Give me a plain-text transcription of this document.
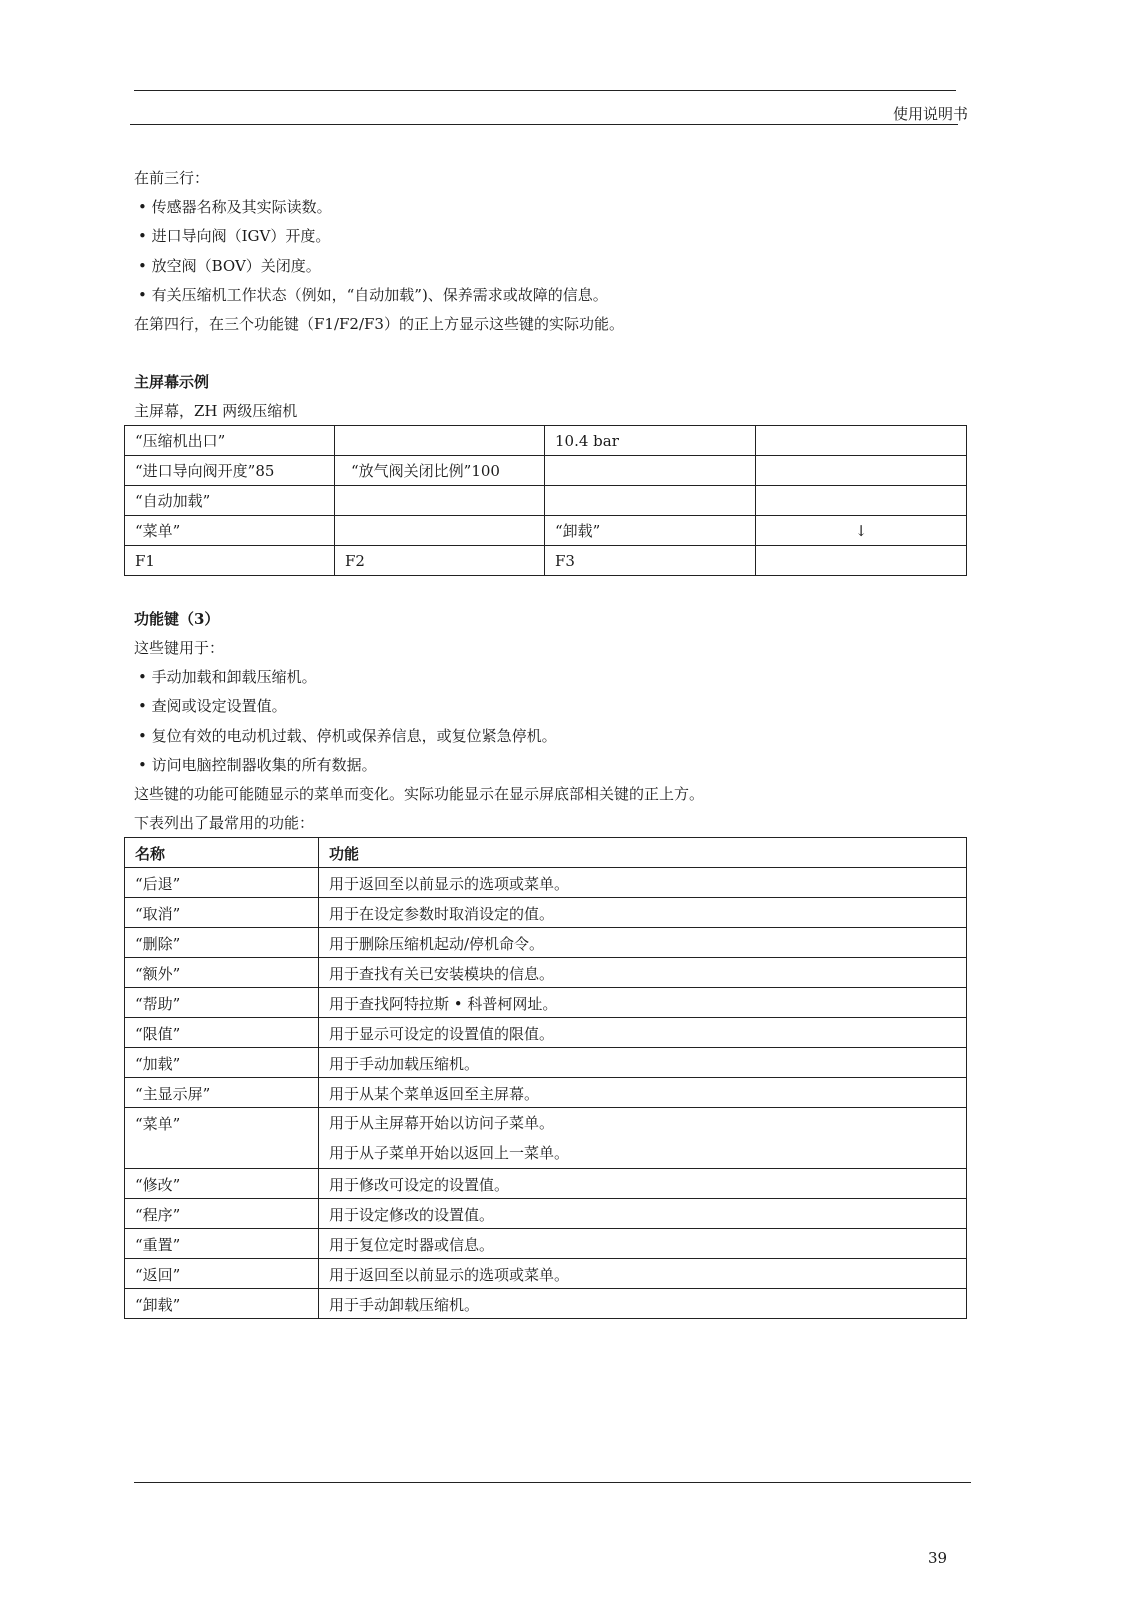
使用说明书
在前三行：
• 传感器名称及其实际读数。
• 进口导向阀（IGV）开度。
• 放空阀（BOV）关闭度。
• 有关压缩机工作状态（例如，“自动加载”)、保养需求或故障的信息。
在第四行，在三个功能键（F1/F2/F3）的正上方显示这些键的实际功能。
主屏幕示例
主屏幕，ZH 两级压缩机
“压缩机出口”		10.4 bar	
“进口导向阀开度”85	“放气阀关闭比例”100		
“自动加载”			
“菜单”		“卸载”	↓
F1	F2	F3	
功能键（3）
这些键用于：
• 手动加载和卸载压缩机。
• 查阅或设定设置值。
• 复位有效的电动机过载、停机或保养信息，或复位紧急停机。
• 访问电脑控制器收集的所有数据。
这些键的功能可能随显示的菜单而变化。实际功能显示在显示屏底部相关键的正上方。
下表列出了最常用的功能：
名称	功能
“后退”	用于返回至以前显示的选项或菜单。
“取消”	用于在设定参数时取消设定的值。
“删除”	用于删除压缩机起动/停机命令。
“额外”	用于查找有关已安装模块的信息。
“帮助”	用于查找阿特拉斯 • 科普柯网址。
“限值”	用于显示可设定的设置值的限值。
“加载”	用于手动加载压缩机。
“主显示屏”	用于从某个菜单返回至主屏幕。
“菜单”	用于从主屏幕开始以访问子菜单。
用于从子菜单开始以返回上一菜单。

“修改”	用于修改可设定的设置值。
“程序”	用于设定修改的设置值。
“重置”	用于复位定时器或信息。
“返回”	用于返回至以前显示的选项或菜单。
“卸载”	用于手动卸载压缩机。
39
